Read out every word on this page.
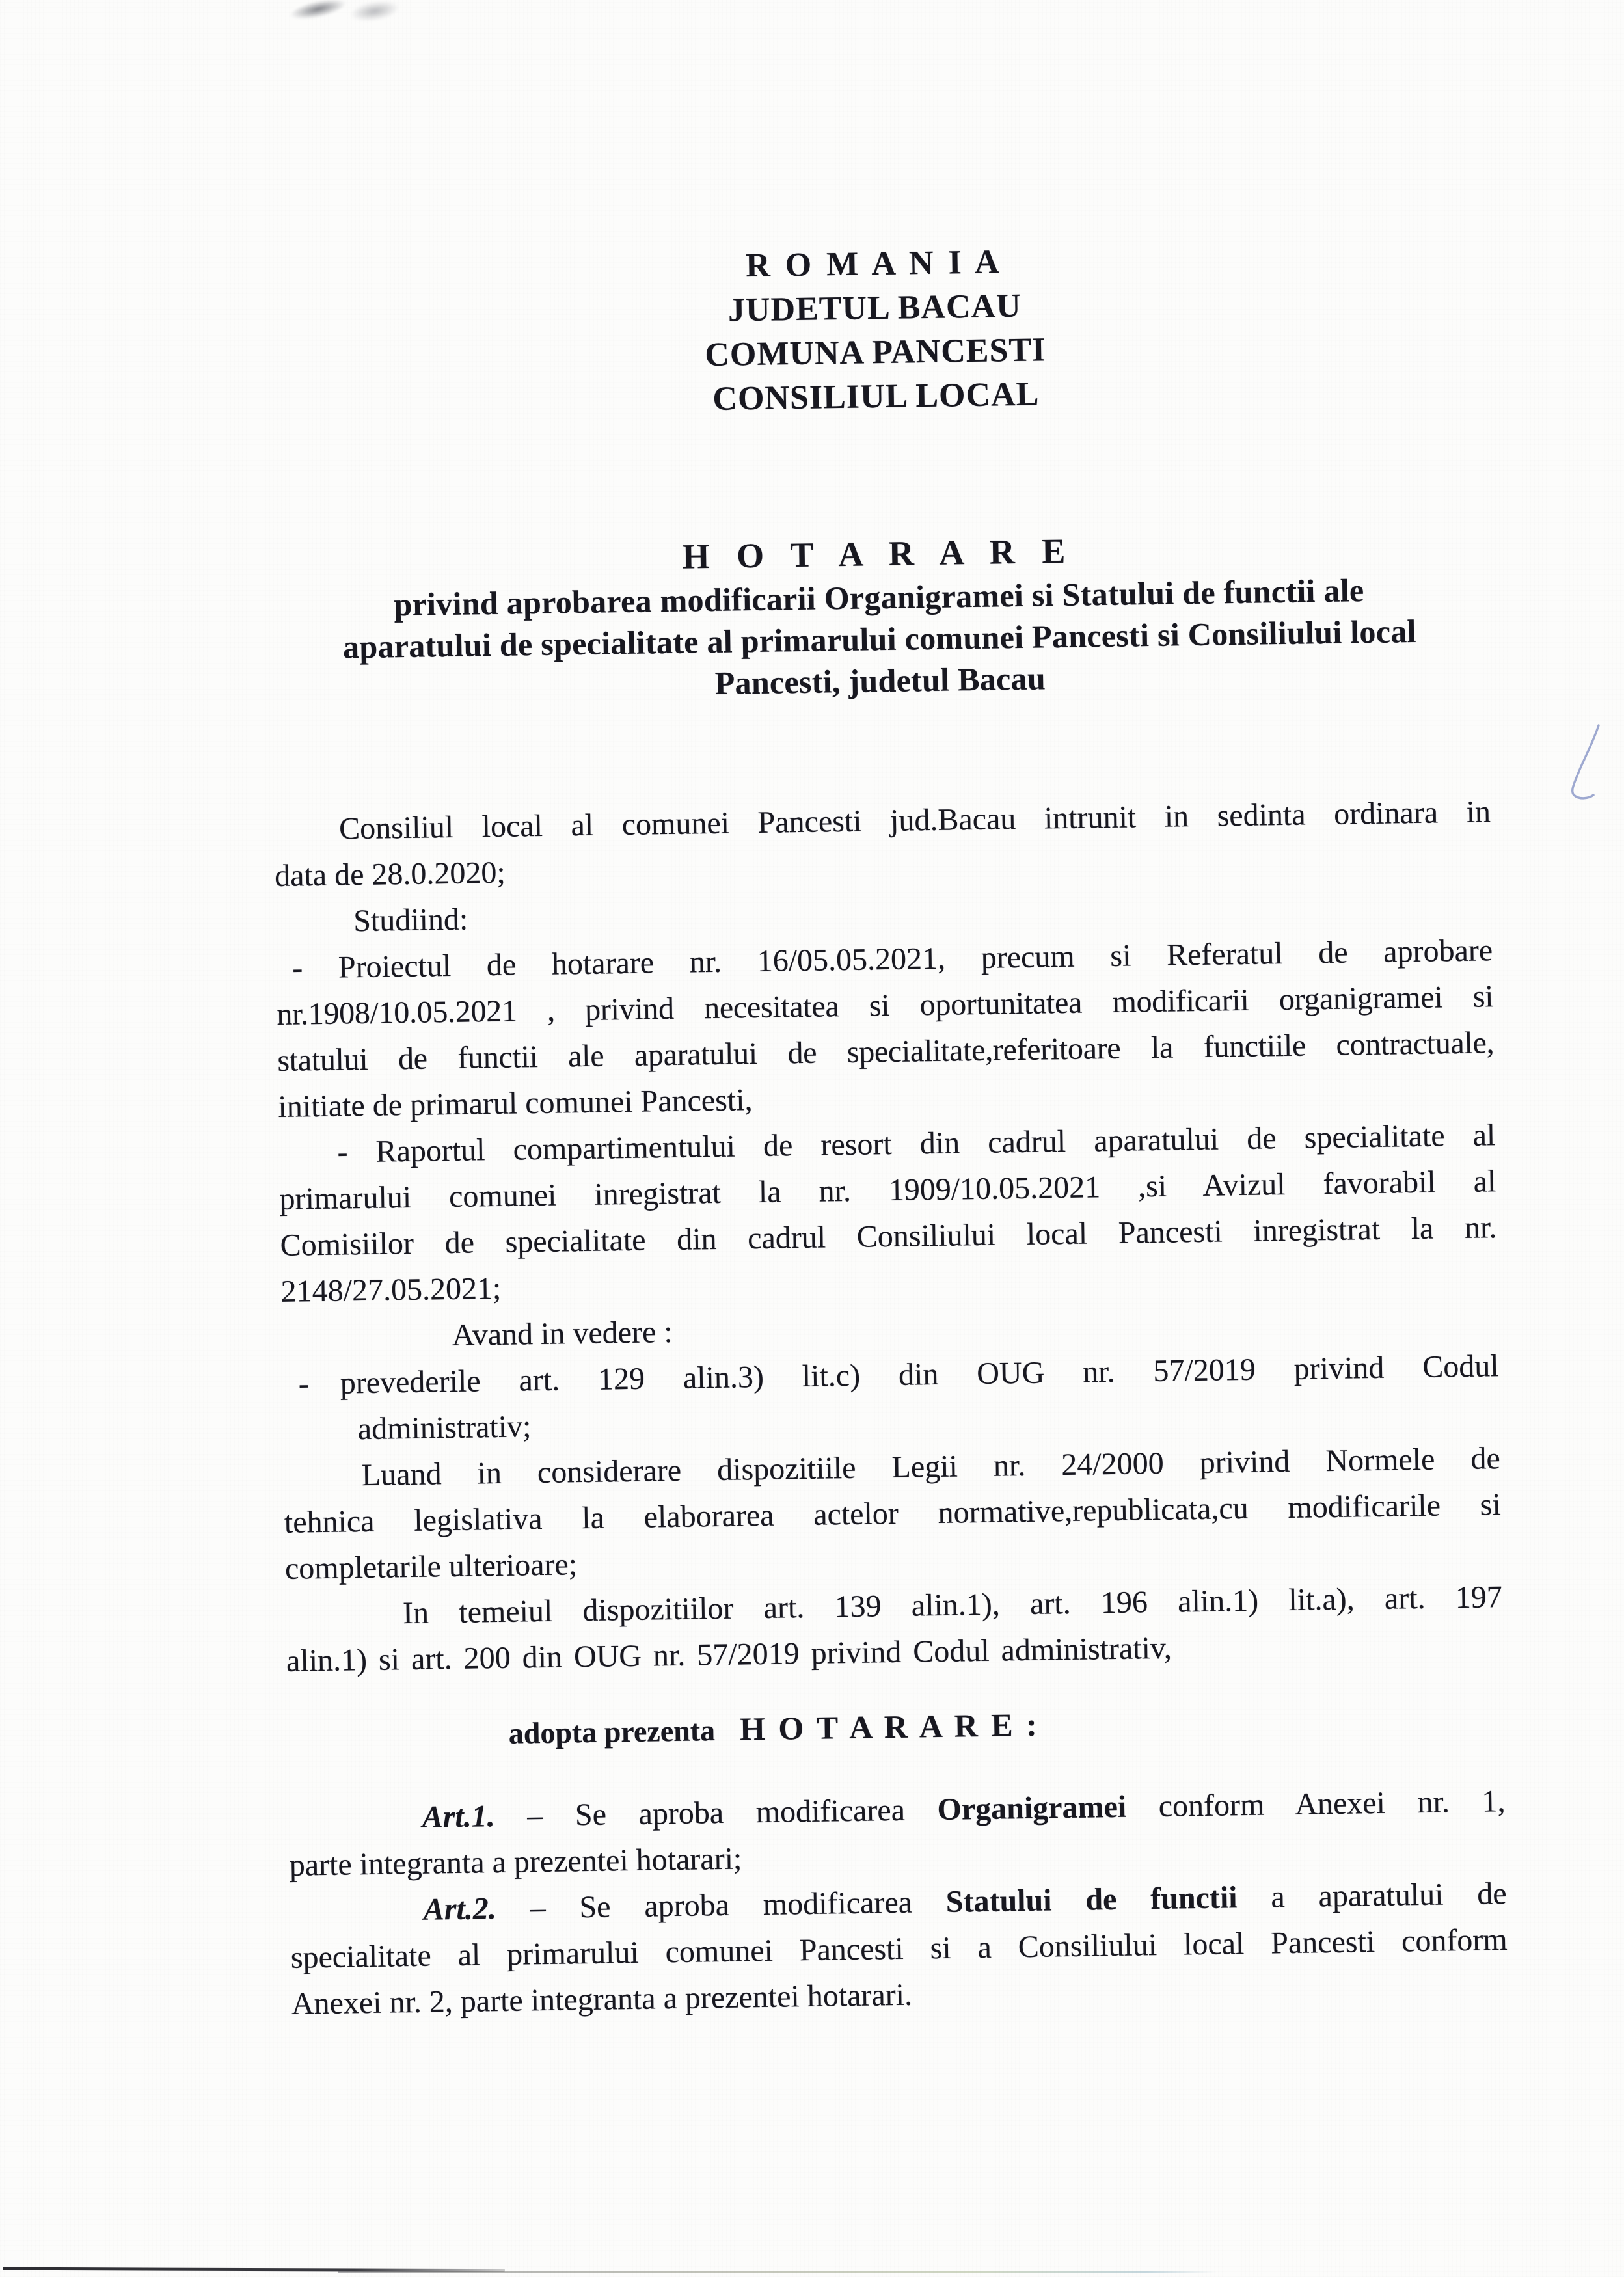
R O M A N I A
JUDETUL BACAU
COMUNA PANCESTI
CONSILIUL LOCAL
H O T A R A R E
privind aprobarea modificarii Organigramei si Statului de functii ale
aparatului de specialitate al primarului comunei Pancesti si Consiliului local
Pancesti, judetul Bacau
Consiliul local al comunei Pancesti jud.Bacau intrunit in sedinta ordinara in
data de 28.0.2020;
Studiind:
- Proiectul de hotarare nr. 16/05.05.2021, precum si Referatul de aprobare
nr.1908/10.05.2021 , privind necesitatea si oportunitatea modificarii organigramei si
statului de functii ale aparatului de specialitate,referitoare la functiile contractuale,
initiate de primarul comunei Pancesti,
- Raportul compartimentului de resort din cadrul aparatului de specialitate al
primarului comunei inregistrat la nr. 1909/10.05.2021 ,si Avizul favorabil al
Comisiilor de specialitate din cadrul Consiliului local Pancesti inregistrat la nr.
2148/27.05.2021;
Avand in vedere :
- prevederile art. 129 alin.3) lit.c) din OUG nr. 57/2019 privind Codul
administrativ;
Luand in considerare dispozitiile Legii nr. 24/2000 privind Normele de
tehnica legislativa la elaborarea actelor normative,republicata,cu modificarile si
completarile ulterioare;
In temeiul dispozitiilor art. 139 alin.1), art. 196 alin.1) lit.a), art. 197
alin.1) si art. 200 din OUG nr. 57/2019 privind Codul administrativ,
adopta prezenta H O T A R A R E :
Art.1. – Se aproba modificarea Organigramei conform Anexei nr. 1,
parte integranta a prezentei hotarari;
Art.2. – Se aproba modificarea Statului de functii a aparatului de
specialitate al primarului comunei Pancesti si a Consiliului local Pancesti conform
Anexei nr. 2, parte integranta a prezentei hotarari.
